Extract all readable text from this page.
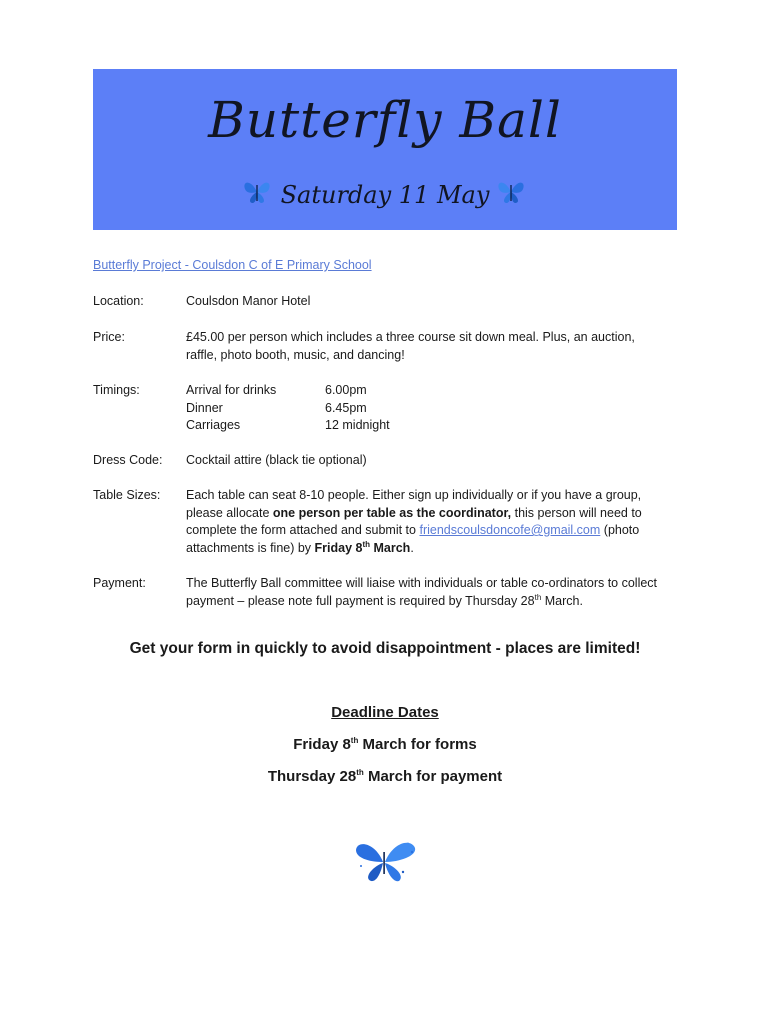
Butterfly Ball
Saturday 11 May
Butterfly Project - Coulsdon C of E Primary School
Location:	Coulsdon Manor Hotel
Price:	£45.00 per person which includes a three course sit down meal. Plus, an auction, raffle, photo booth, music, and dancing!
Timings:	Arrival for drinks	6.00pm
Dinner	6.45pm
Carriages	12 midnight
Dress Code:	Cocktail attire (black tie optional)
Table Sizes:	Each table can seat 8-10 people. Either sign up individually or if you have a group, please allocate one person per table as the coordinator, this person will need to complete the form attached and submit to friendscoulsdoncofe@gmail.com (photo attachments is fine) by Friday 8th March.
Payment:	The Butterfly Ball committee will liaise with individuals or table co-ordinators to collect payment – please note full payment is required by Thursday 28th March.
Get your form in quickly to avoid disappointment - places are limited!
Deadline Dates
Friday 8th March for forms
Thursday 28th March for payment
